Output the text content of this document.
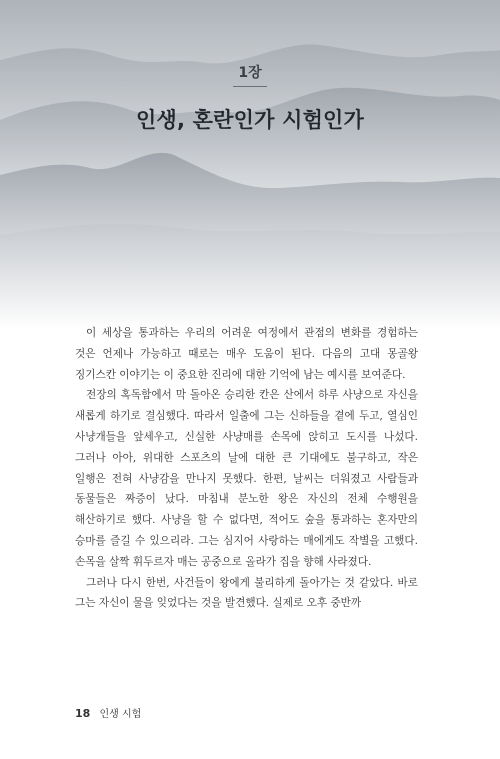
1장
인생, 혼란인가 시험인가

이 세상을 통과하는 우리의 어려운 여정에서 관점의 변화를 경험하는 것은 언제나 가능하고 때로는 매우 도움이 된다. 다음의 고대 몽골왕 징기스칸 이야기는 이 중요한 진리에 대한 기억에 남는 예시를 보여준다.

전장의 혹독함에서 막 돌아온 승리한 칸은 산에서 하루 사냥으로 자신을 새롭게 하기로 결심했다. 따라서 일출에 그는 신하들을 곁에 두고, 열심인 사냥개들을 앞세우고, 신실한 사냥매를 손목에 앉히고 도시를 나섰다. 그러나 아아, 위대한 스포츠의 날에 대한 큰 기대에도 불구하고, 작은 일행은 전혀 사냥감을 만나지 못했다. 한편, 날씨는 더워졌고 사람들과 동물들은 짜증이 났다. 마침내 분노한 왕은 자신의 전체 수행원을 해산하기로 했다. 사냥을 할 수 없다면, 적어도 숲을 통과하는 혼자만의 승마를 즐길 수 있으리라. 그는 심지어 사랑하는 매에게도 작별을 고했다. 손목을 살짝 휘두르자 매는 공중으로 올라가 집을 향해 사라졌다.

그러나 다시 한번, 사건들이 왕에게 불리하게 돌아가는 것 같았다. 바로 그는 자신이 물을 잊었다는 것을 발견했다. 실제로 오후 중반까

18 인생 시험
